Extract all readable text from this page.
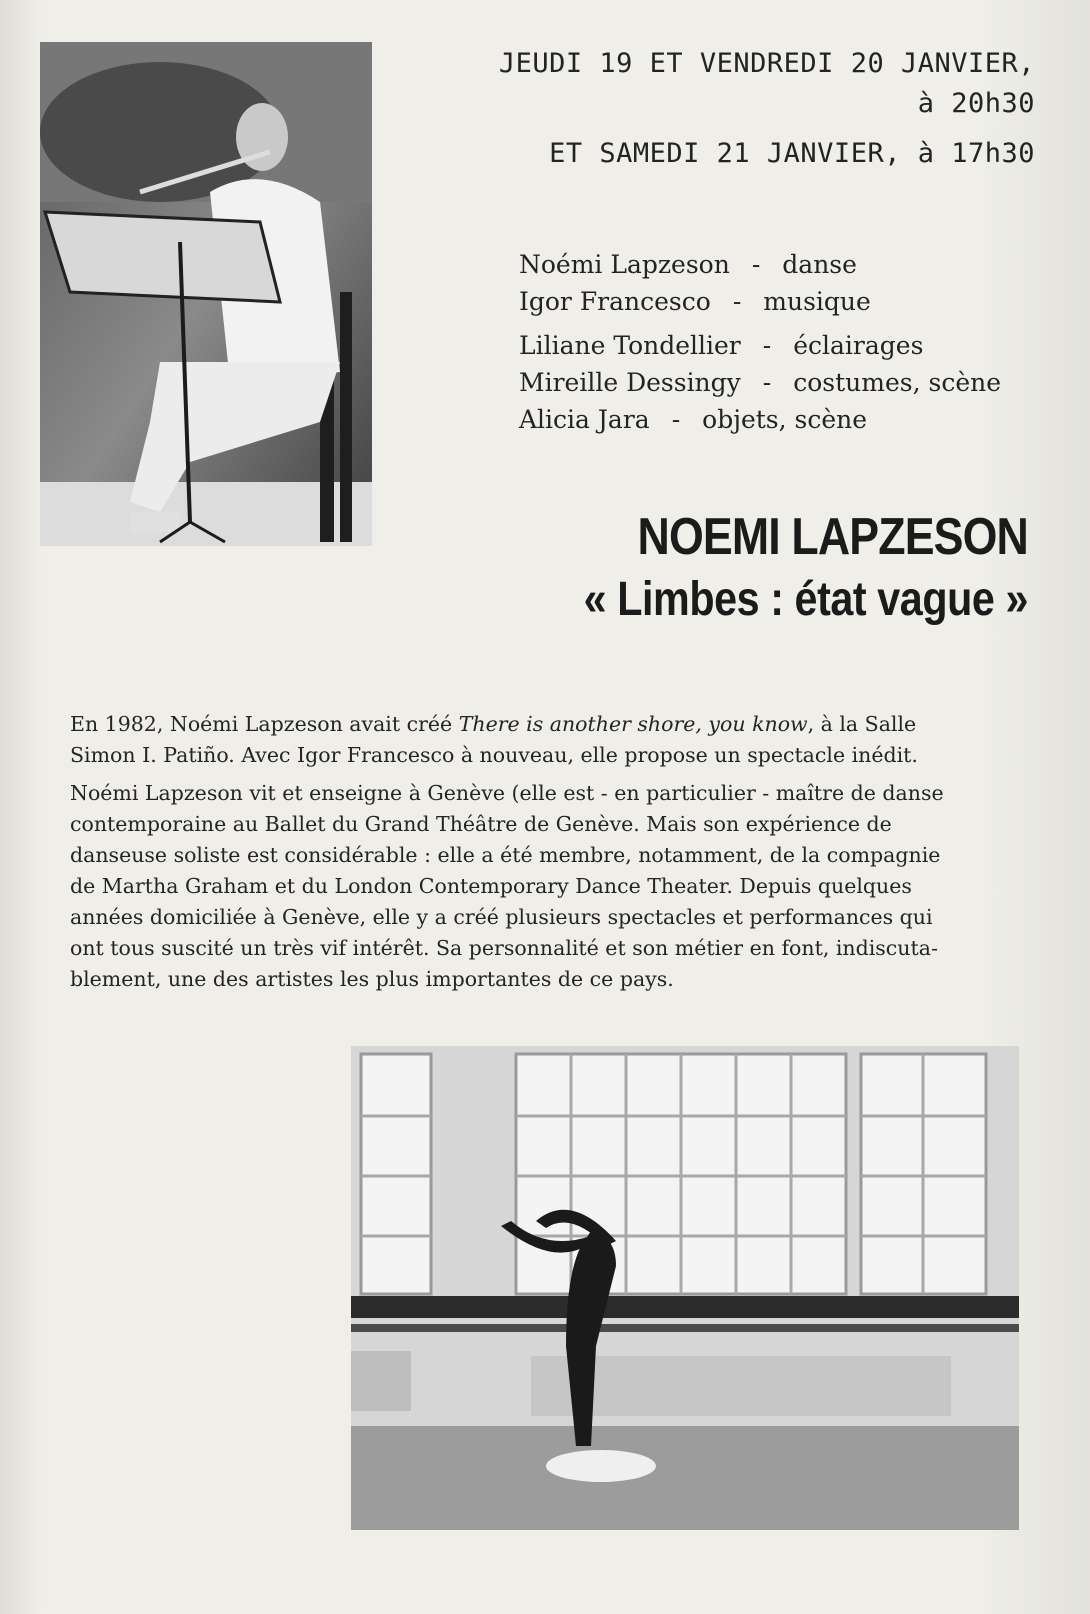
JEUDI 19 ET VENDREDI 20 JANVIER,
à 20h30
ET SAMEDI 21 JANVIER, à 17h30
Noémi Lapzeson - danse
Igor Francesco - musique
Liliane Tondellier - éclairages
Mireille Dessingy - costumes, scène
Alicia Jara - objets, scène
NOEMI LAPZESON
« Limbes : état vague »

En 1982, Noémi Lapzeson avait créé There is another shore, you know, à la Salle
Simon I. Patiño. Avec Igor Francesco à nouveau, elle propose un spectacle inédit.

Noémi Lapzeson vit et enseigne à Genève (elle est - en particulier - maître de danse
contemporaine au Ballet du Grand Théâtre de Genève. Mais son expérience de
danseuse soliste est considérable : elle a été membre, notamment, de la compagnie
de Martha Graham et du London Contemporary Dance Theater. Depuis quelques
années domiciliée à Genève, elle y a créé plusieurs spectacles et performances qui
ont tous suscité un très vif intérêt. Sa personnalité et son métier en font, indiscuta-
blement, une des artistes les plus importantes de ce pays.
